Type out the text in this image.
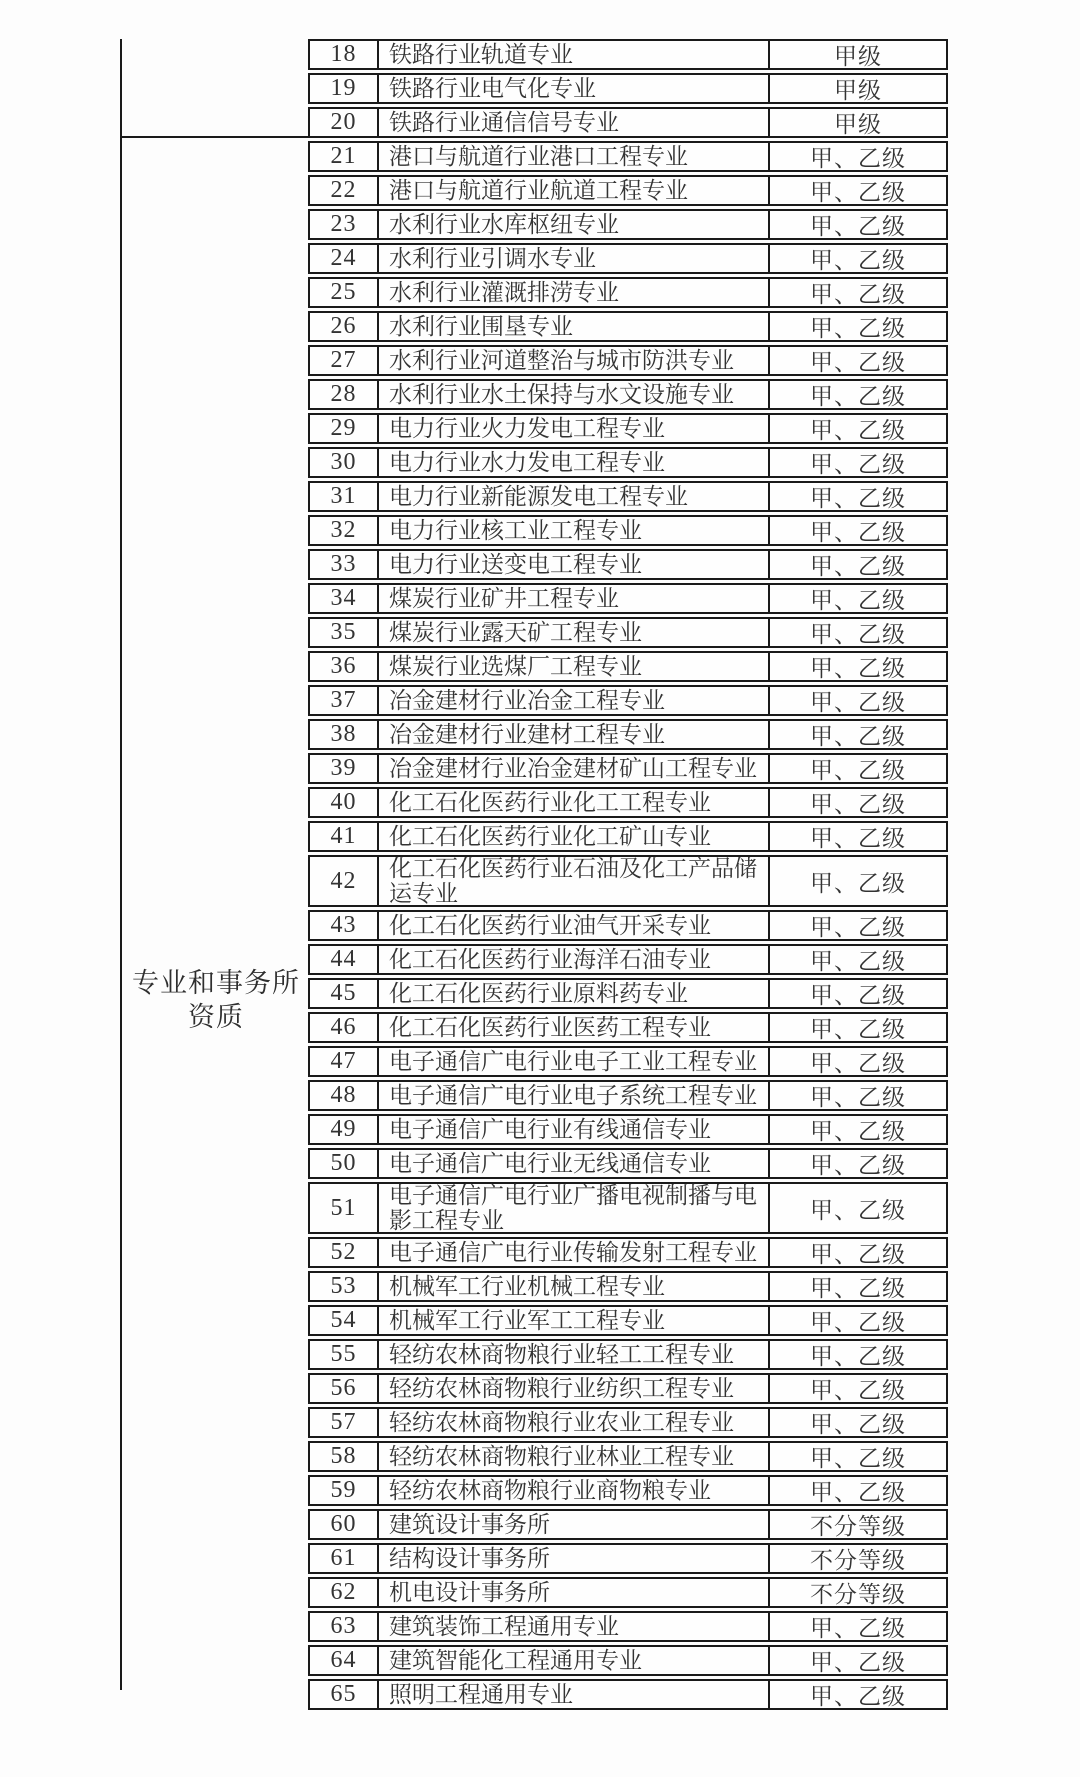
专业和事务所资质
18	铁路行业轨道专业	甲级
19	铁路行业电气化专业	甲级
20	铁路行业通信信号专业	甲级
21	港口与航道行业港口工程专业	甲、乙级
22	港口与航道行业航道工程专业	甲、乙级
23	水利行业水库枢纽专业	甲、乙级
24	水利行业引调水专业	甲、乙级
25	水利行业灌溉排涝专业	甲、乙级
26	水利行业围垦专业	甲、乙级
27	水利行业河道整治与城市防洪专业	甲、乙级
28	水利行业水土保持与水文设施专业	甲、乙级
29	电力行业火力发电工程专业	甲、乙级
30	电力行业水力发电工程专业	甲、乙级
31	电力行业新能源发电工程专业	甲、乙级
32	电力行业核工业工程专业	甲、乙级
33	电力行业送变电工程专业	甲、乙级
34	煤炭行业矿井工程专业	甲、乙级
35	煤炭行业露天矿工程专业	甲、乙级
36	煤炭行业选煤厂工程专业	甲、乙级
37	冶金建材行业冶金工程专业	甲、乙级
38	冶金建材行业建材工程专业	甲、乙级
39	冶金建材行业冶金建材矿山工程专业	甲、乙级
40	化工石化医药行业化工工程专业	甲、乙级
41	化工石化医药行业化工矿山专业	甲、乙级
42	化工石化医药行业石油及化工产品储运专业	甲、乙级
43	化工石化医药行业油气开采专业	甲、乙级
44	化工石化医药行业海洋石油专业	甲、乙级
45	化工石化医药行业原料药专业	甲、乙级
46	化工石化医药行业医药工程专业	甲、乙级
47	电子通信广电行业电子工业工程专业	甲、乙级
48	电子通信广电行业电子系统工程专业	甲、乙级
49	电子通信广电行业有线通信专业	甲、乙级
50	电子通信广电行业无线通信专业	甲、乙级
51	电子通信广电行业广播电视制播与电影工程专业	甲、乙级
52	电子通信广电行业传输发射工程专业	甲、乙级
53	机械军工行业机械工程专业	甲、乙级
54	机械军工行业军工工程专业	甲、乙级
55	轻纺农林商物粮行业轻工工程专业	甲、乙级
56	轻纺农林商物粮行业纺织工程专业	甲、乙级
57	轻纺农林商物粮行业农业工程专业	甲、乙级
58	轻纺农林商物粮行业林业工程专业	甲、乙级
59	轻纺农林商物粮行业商物粮专业	甲、乙级
60	建筑设计事务所	不分等级
61	结构设计事务所	不分等级
62	机电设计事务所	不分等级
63	建筑装饰工程通用专业	甲、乙级
64	建筑智能化工程通用专业	甲、乙级
65	照明工程通用专业	甲、乙级
